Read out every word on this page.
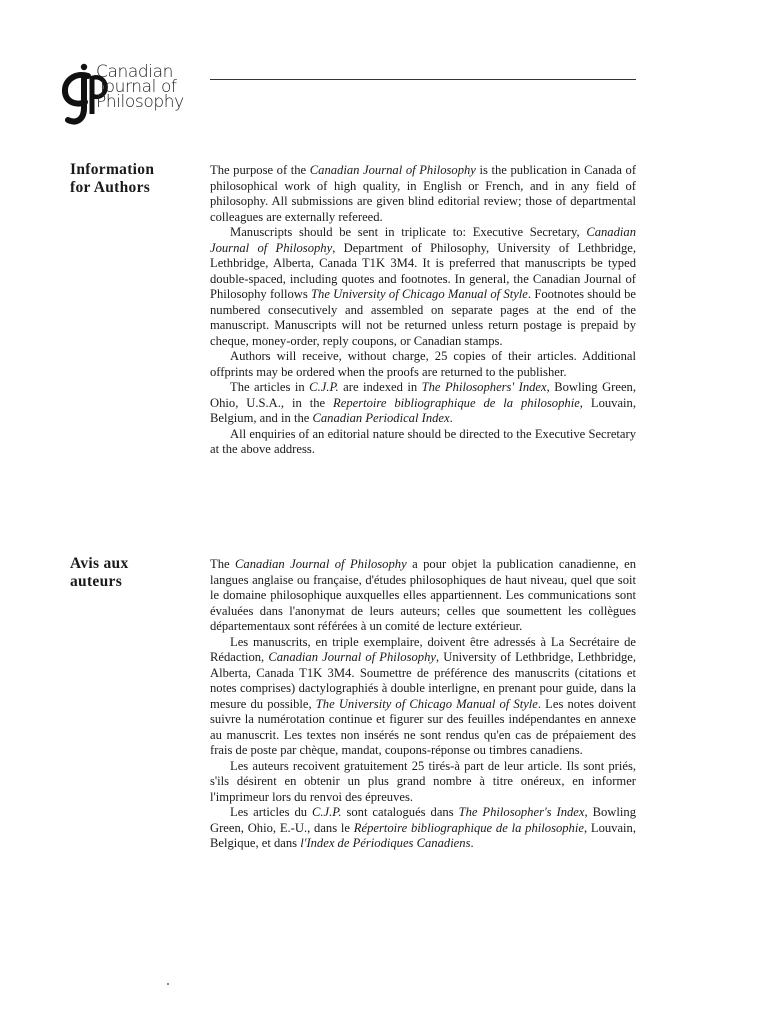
Canadian
Journal of
Philosophy
Information
for Authors

The purpose of the Canadian Journal of Philosophy is the publication in Canada of philosophical work of high quality, in English or French, and in any field of philosophy. All submissions are given blind editorial review; those of departmental colleagues are externally refereed.

Manuscripts should be sent in triplicate to: Executive Secretary, Canadian Journal of Philosophy, Department of Philosophy, University of Lethbridge, Lethbridge, Alberta, Canada T1K 3M4. It is preferred that manuscripts be typed double-spaced, including quotes and footnotes. In general, the Canadian Journal of Philosophy follows The University of Chicago Manual of Style. Footnotes should be numbered consecutively and assembled on separate pages at the end of the manuscript. Manuscripts will not be returned unless return postage is prepaid by cheque, money-order, reply coupons, or Canadian stamps.

Authors will receive, without charge, 25 copies of their articles. Additional offprints may be ordered when the proofs are returned to the publisher.

The articles in C.J.P. are indexed in The Philosophers' Index, Bowling Green, Ohio, U.S.A., in the Repertoire bibliographique de la philosophie, Louvain, Belgium, and in the Canadian Periodical Index.

All enquiries of an editorial nature should be directed to the Executive Secretary at the above address.

Avis aux
auteurs

The Canadian Journal of Philosophy a pour objet la publication canadienne, en langues anglaise ou française, d'études philosophiques de haut niveau, quel que soit le domaine philosophique auxquelles elles appartiennent. Les communications sont évaluées dans l'anonymat de leurs auteurs; celles que soumettent les collègues départementaux sont référées à un comité de lecture extérieur.

Les manuscrits, en triple exemplaire, doivent être adressés à La Secrétaire de Rédaction, Canadian Journal of Philosophy, University of Lethbridge, Lethbridge, Alberta, Canada T1K 3M4. Soumettre de préférence des manuscrits (citations et notes comprises) dactylographiés à double interligne, en prenant pour guide, dans la mesure du possible, The University of Chicago Manual of Style. Les notes doivent suivre la numérotation continue et figurer sur des feuilles indépendantes en annexe au manuscrit. Les textes non insérés ne sont rendus qu'en cas de prépaiement des frais de poste par chèque, mandat, coupons-réponse ou timbres canadiens.

Les auteurs recoivent gratuitement 25 tirés-à part de leur article. Ils sont priés, s'ils désirent en obtenir un plus grand nombre à titre onéreux, en informer l'imprimeur lors du renvoi des épreuves.

Les articles du C.J.P. sont catalogués dans The Philosopher's Index, Bowling Green, Ohio, E.-U., dans le Répertoire bibliographique de la philosophie, Louvain, Belgique, et dans l'Index de Périodiques Canadiens.
